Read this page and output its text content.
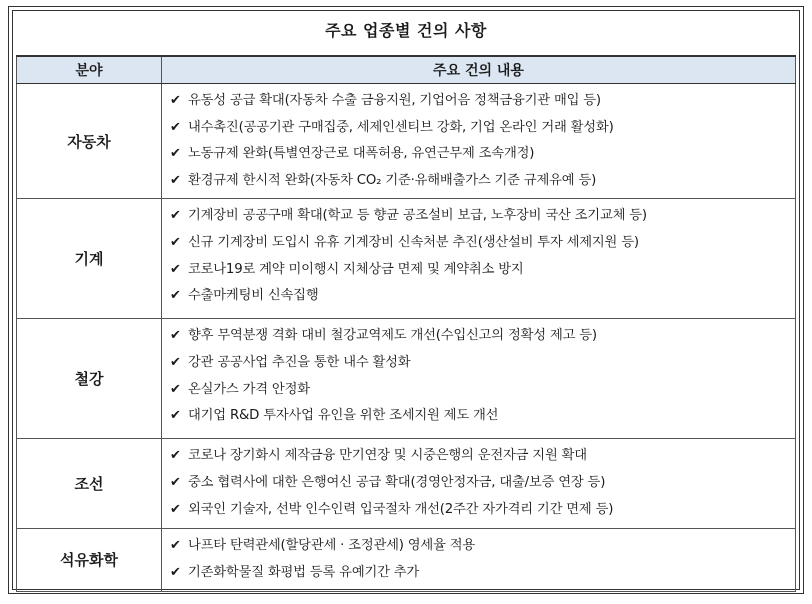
주요 업종별 건의 사항
분야	주요 건의 내용
자동차	✔ 유동성 공급 확대(자동차 수출 금융지원, 기업어음 정책금융기관 매입 등)
✔ 내수촉진(공공기관 구매집중, 세제인센티브 강화, 기업 온라인 거래 활성화)
✔ 노동규제 완화(특별연장근로 대폭허용, 유연근무제 조속개정)
✔ 환경규제 한시적 완화(자동차 CO₂ 기준·유해배출가스 기준 규제유예 등)

기계	✔ 기계장비 공공구매 확대(학교 등 향균 공조설비 보급, 노후장비 국산 조기교체 등)
✔ 신규 기계장비 도입시 유휴 기계장비 신속처분 추진(생산설비 투자 세제지원 등)
✔ 코로나19로 계약 미이행시 지체상금 면제 및 계약취소 방지
✔ 수출마케팅비 신속집행

철강	✔ 향후 무역분쟁 격화 대비 철강교역제도 개선(수입신고의 정확성 제고 등)
✔ 강관 공공사업 추진을 통한 내수 활성화
✔ 온실가스 가격 안정화
✔ 대기업 R&D 투자사업 유인을 위한 조세지원 제도 개선

조선	✔ 코로나 장기화시 제작금융 만기연장 및 시중은행의 운전자금 지원 확대
✔ 중소 협력사에 대한 은행여신 공급 확대(경영안정자금, 대출/보증 연장 등)
✔ 외국인 기술자, 선박 인수인력 입국절차 개선(2주간 자가격리 기간 면제 등)

석유화학	✔ 나프타 탄력관세(할당관세 · 조정관세) 영세율 적용
✔ 기존화학물질 화평법 등록 유예기간 추가
